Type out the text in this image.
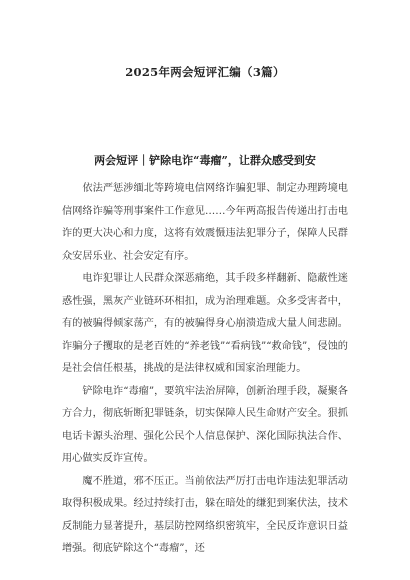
2025年两会短评汇编（3篇）
两会短评｜铲除电诈“毒瘤”，让群众感受到安

依法严惩涉缅北等跨境电信网络诈骗犯罪、制定办理跨境电信网络诈骗等刑事案件工作意见……今年两高报告传递出打击电诈的更大决心和力度，这将有效震慑违法犯罪分子，保障人民群众安居乐业、社会安定有序。

电诈犯罪让人民群众深恶痛绝，其手段多样翻新、隐蔽性迷惑性强，黑灰产业链环环相扣，成为治理难题。众多受害者中，有的被骗得倾家荡产，有的被骗得身心崩溃造成大量人间悲剧。诈骗分子攫取的是老百姓的“养老钱”“看病钱”“救命钱”，侵蚀的是社会信任根基，挑战的是法律权威和国家治理能力。

铲除电诈“毒瘤”，要筑牢法治屏障，创新治理手段，凝聚各方合力，彻底斩断犯罪链条，切实保障人民生命财产安全。狠抓电话卡源头治理、强化公民个人信息保护、深化国际执法合作、用心做实反诈宣传。

魔不胜道，邪不压正。当前依法严厉打击电诈违法犯罪活动取得积极成果。经过持续打击，躲在暗处的缣犯到案伏法，技术反制能力显著提升，基层防控网络织密筑牢，全民反诈意识日益增强。彻底铲除这个“毒瘤”，还
